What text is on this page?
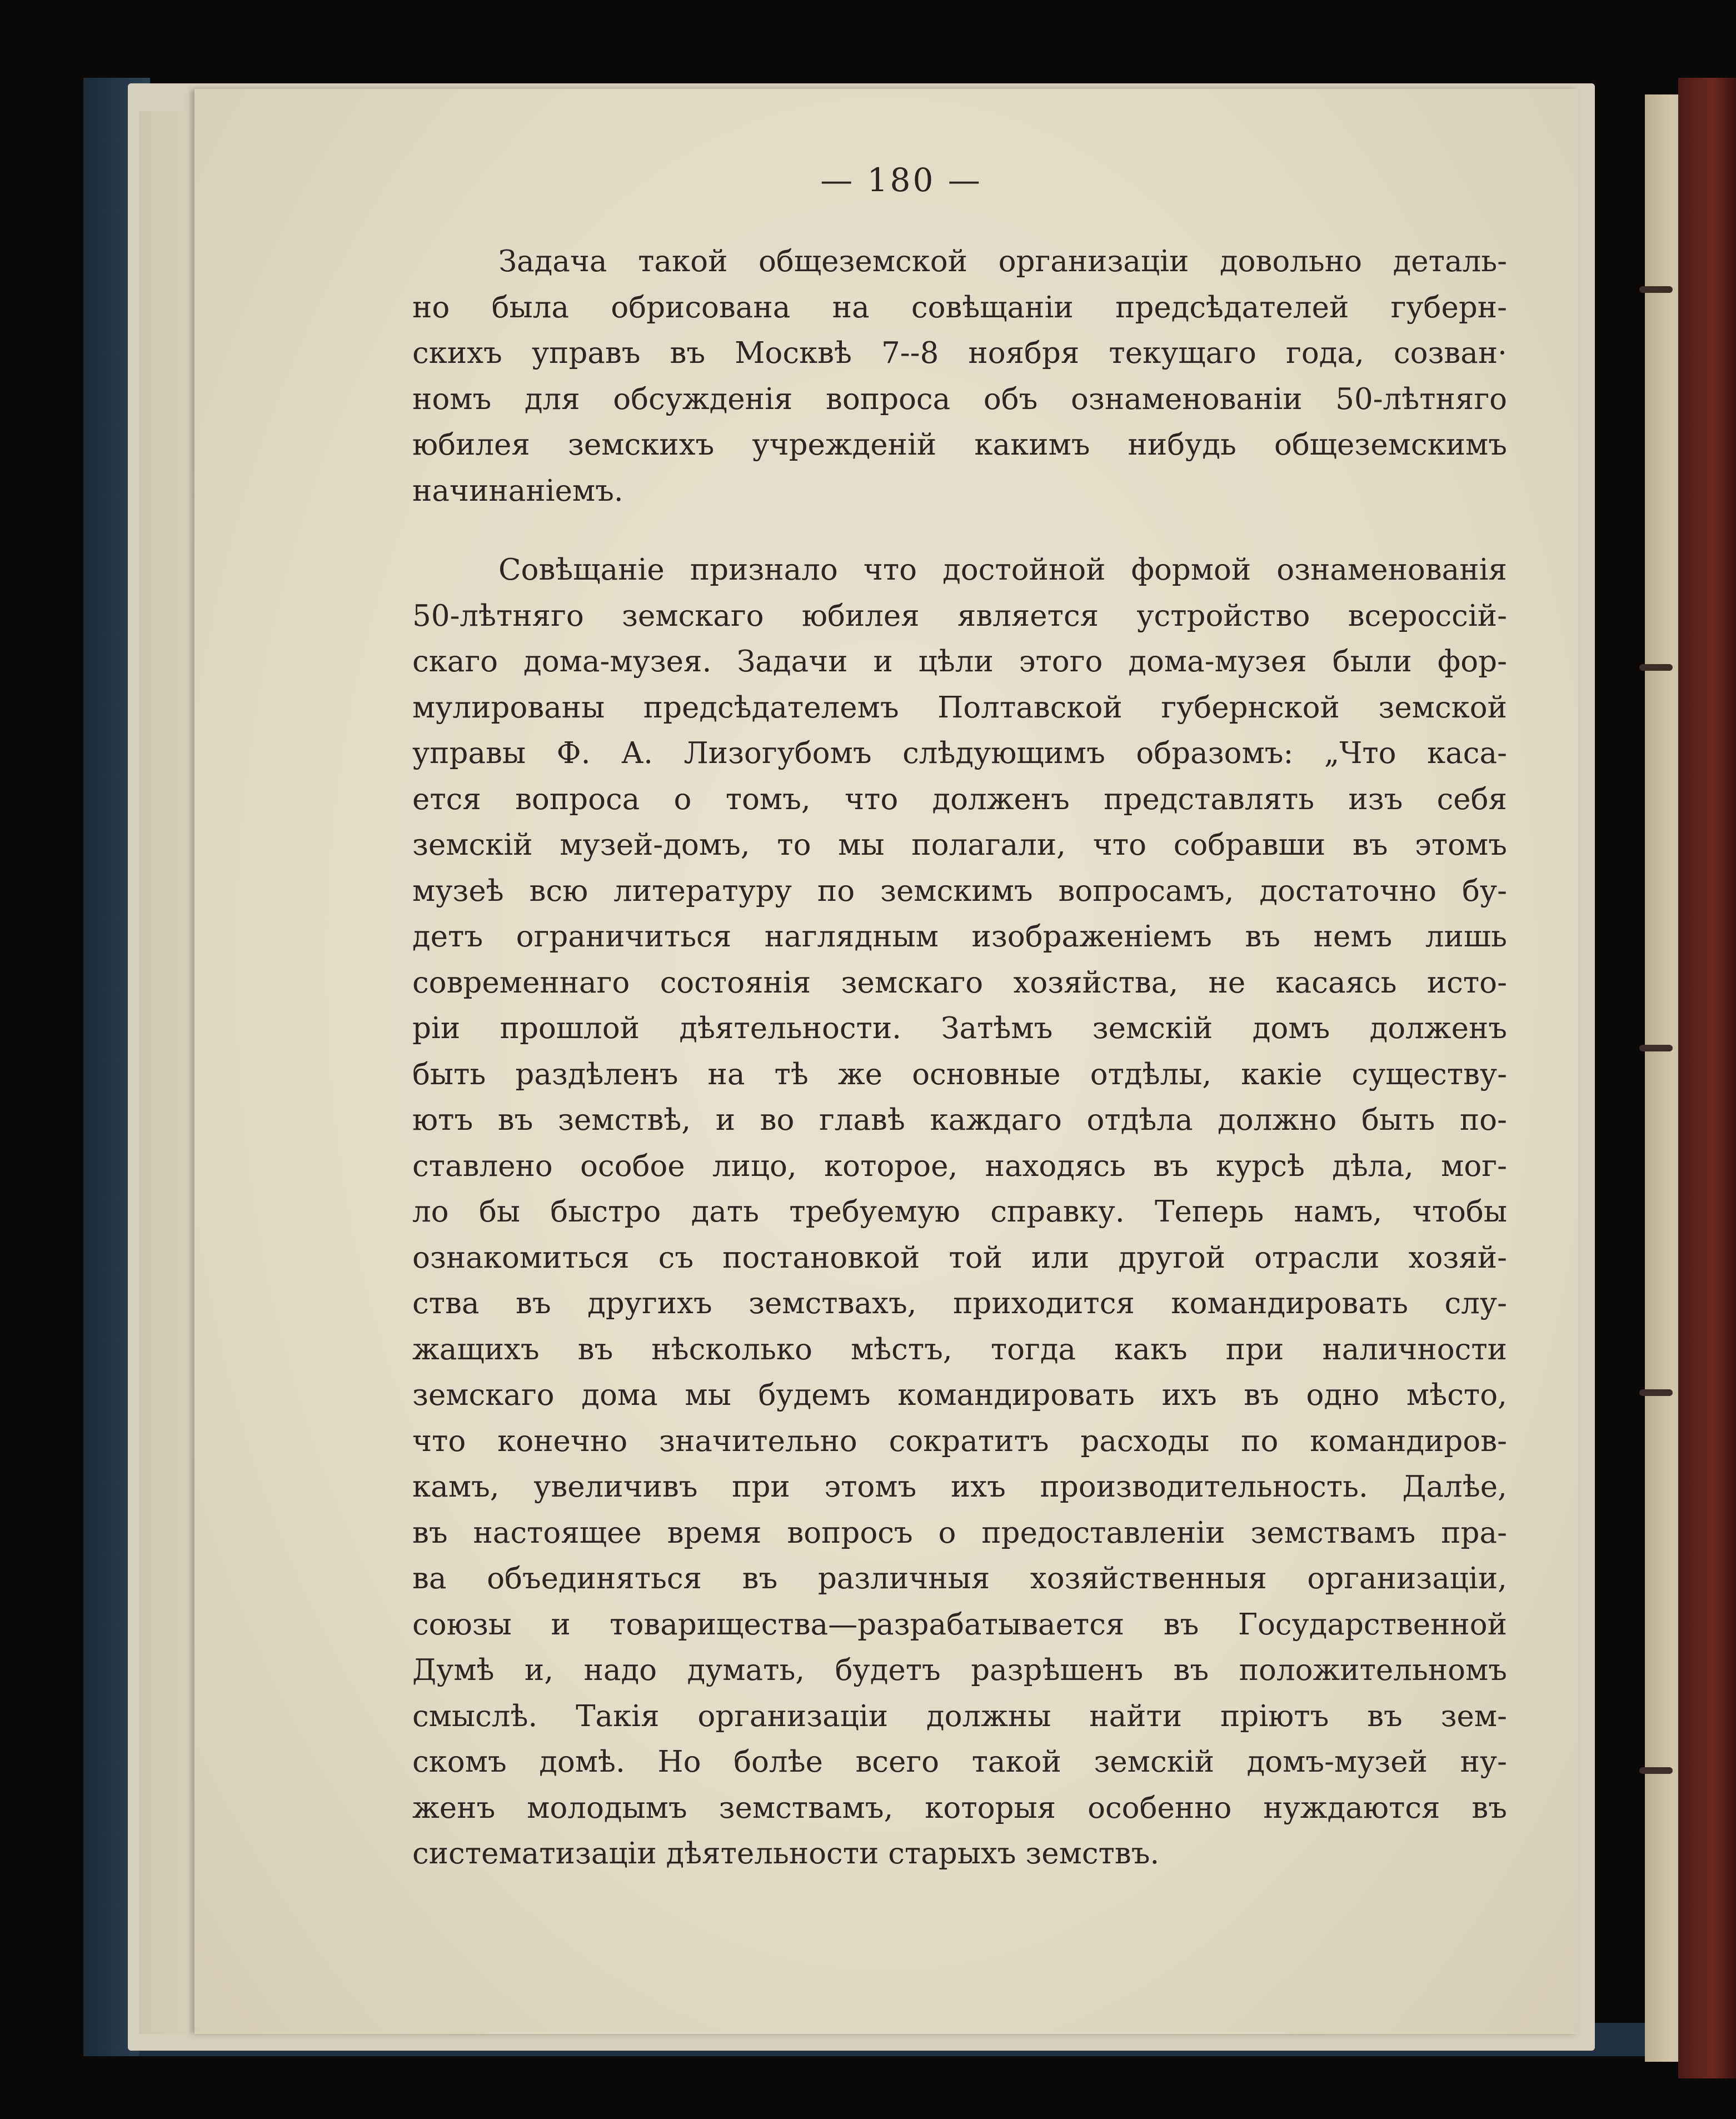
— 180 —
Задача такой общеземской организаціи довольно деталь-
но была обрисована на совѣщаніи предсѣдателей губерн-
скихъ управъ въ Москвѣ 7--8 ноября текущаго года, созван·
номъ для обсужденія вопроса объ ознаменованіи 50-лѣтняго
юбилея земскихъ учрежденій какимъ нибудь общеземскимъ
начинаніемъ.
Совѣщаніе признало что достойной формой ознаменованія
50-лѣтняго земскаго юбилея является устройство всероссій-
скаго дома-музея. Задачи и цѣли этого дома-музея были фор-
мулированы предсѣдателемъ Полтавской губернской земской
управы Ф. А. Лизогубомъ слѣдующимъ образомъ: „Что каса-
ется вопроса о томъ, что долженъ представлять изъ себя
земскій музей-домъ, то мы полагали, что собравши въ этомъ
музеѣ всю литературу по земскимъ вопросамъ, достаточно бу-
детъ ограничиться наглядным изображеніемъ въ немъ лишь
современнаго состоянія земскаго хозяйства, не касаясь исто-
ріи прошлой дѣятельности. Затѣмъ земскій домъ долженъ
быть раздѣленъ на тѣ же основные отдѣлы, какіе существу-
ютъ въ земствѣ, и во главѣ каждаго отдѣла должно быть по-
ставлено особое лицо, которое, находясь въ курсѣ дѣла, мог-
ло бы быстро дать требуемую справку. Теперь намъ, чтобы
ознакомиться съ постановкой той или другой отрасли хозяй-
ства въ другихъ земствахъ, приходится командировать слу-
жащихъ въ нѣсколько мѣстъ, тогда какъ при наличности
земскаго дома мы будемъ командировать ихъ въ одно мѣсто,
что конечно значительно сократитъ расходы по командиров-
камъ, увеличивъ при этомъ ихъ производительность. Далѣе,
въ настоящее время вопросъ о предоставленіи земствамъ пра-
ва объединяться въ различныя хозяйственныя организаціи,
союзы и товарищества—разрабатывается въ Государственной
Думѣ и, надо думать, будетъ разрѣшенъ въ положительномъ
смыслѣ. Такія организаціи должны найти пріютъ въ зем-
скомъ домѣ. Но болѣе всего такой земскій домъ-музей ну-
женъ молодымъ земствамъ, которыя особенно нуждаются въ
систематизаціи дѣятельности старыхъ земствъ.
